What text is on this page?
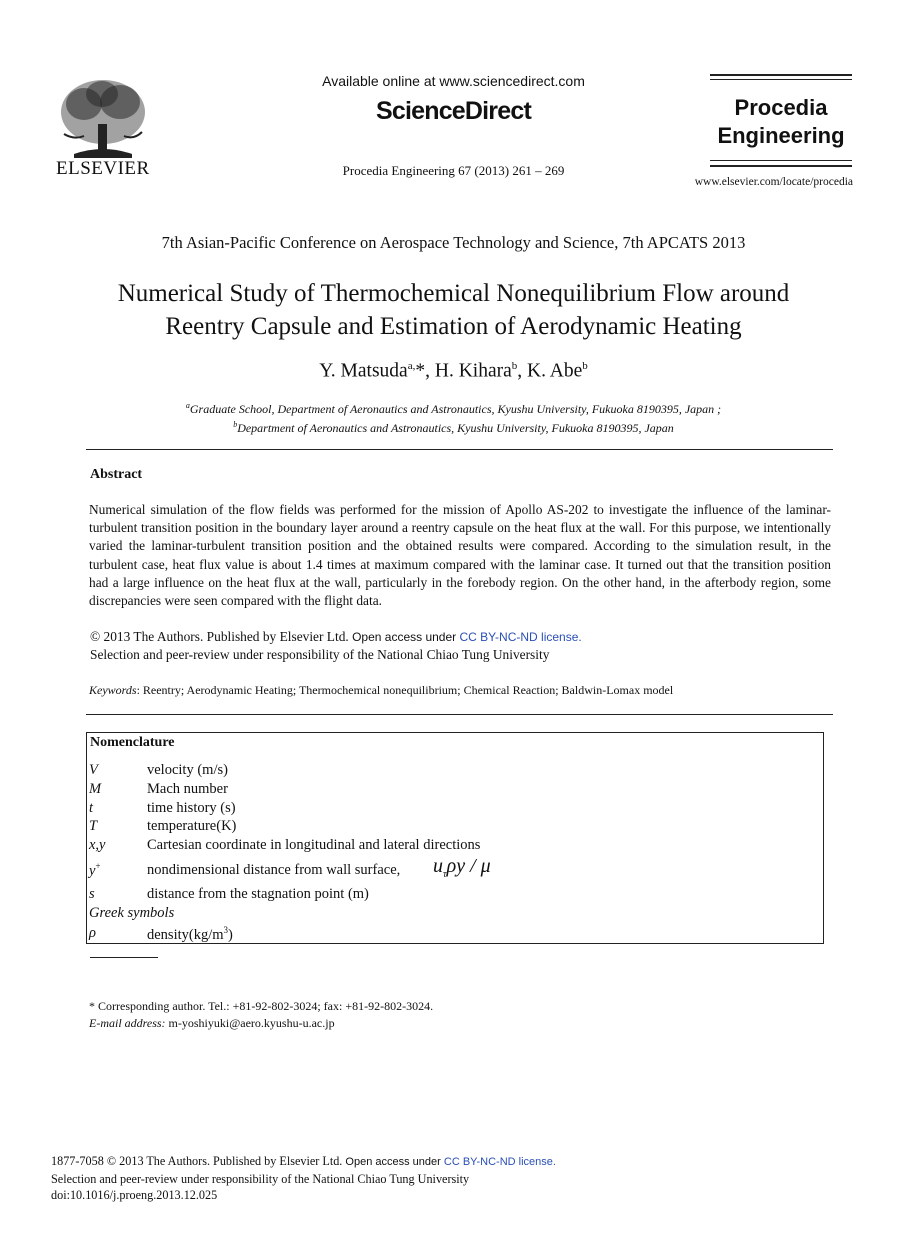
ELSEVIER
Available online at www.sciencedirect.com
ScienceDirect
Procedia Engineering 67 (2013) 261 – 269
Procedia
Engineering
www.elsevier.com/locate/procedia
7th Asian-Pacific Conference on Aerospace Technology and Science, 7th APCATS 2013
Numerical Study of Thermochemical Nonequilibrium Flow around
Reentry Capsule and Estimation of Aerodynamic Heating
Y. Matsuda$^{a,}$*, H. Kihara$^b$, K. Abe$^b$
$^a$Graduate School, Department of Aeronautics and Astronautics, Kyushu University, Fukuoka 8190395, Japan ;
$^b$Department of Aeronautics and Astronautics, Kyushu University, Fukuoka 8190395, Japan
Abstract
Numerical simulation of the flow fields was performed for the mission of Apollo AS-202 to investigate the influence of the laminar-turbulent transition position in the boundary layer around a reentry capsule on the heat flux at the wall. For this purpose, we intentionally varied the laminar-turbulent transition position and the obtained results were compared. According to the simulation result, in the turbulent case, heat flux value is about 1.4 times at maximum compared with the laminar case. It turned out that the transition position had a large influence on the heat flux at the wall, particularly in the forebody region. On the other hand, in the afterbody region, some discrepancies were seen compared with the flight data.
© 2013 The Authors. Published by Elsevier Ltd. Open access under CC BY-NC-ND license.
Selection and peer-review under responsibility of the National Chiao Tung University
Keywords: Reentry; Aerodynamic Heating; Thermochemical nonequilibrium; Chemical Reaction; Baldwin-Lomax model
Nomenclature
V	velocity (m/s)
M	Mach number
t	time history (s)
T	temperature(K)
x,y	Cartesian coordinate in longitudinal and lateral directions
y+	nondimensional distance from wall surface, $u_\tau\rho y$ / μ
s	distance from the stagnation point (m)
Greek symbols
ρ	$density(kg/m^3)$
* Corresponding author. Tel.: +81-92-802-3024; fax: +81-92-802-3024.
E-mail address: m-yoshiyuki@aero.kyushu-u.ac.jp
1877-7058 © 2013 The Authors. Published by Elsevier Ltd. Open access under CC BY-NC-ND license.
Selection and peer-review under responsibility of the National Chiao Tung University
doi:10.1016/j.proeng.2013.12.025
